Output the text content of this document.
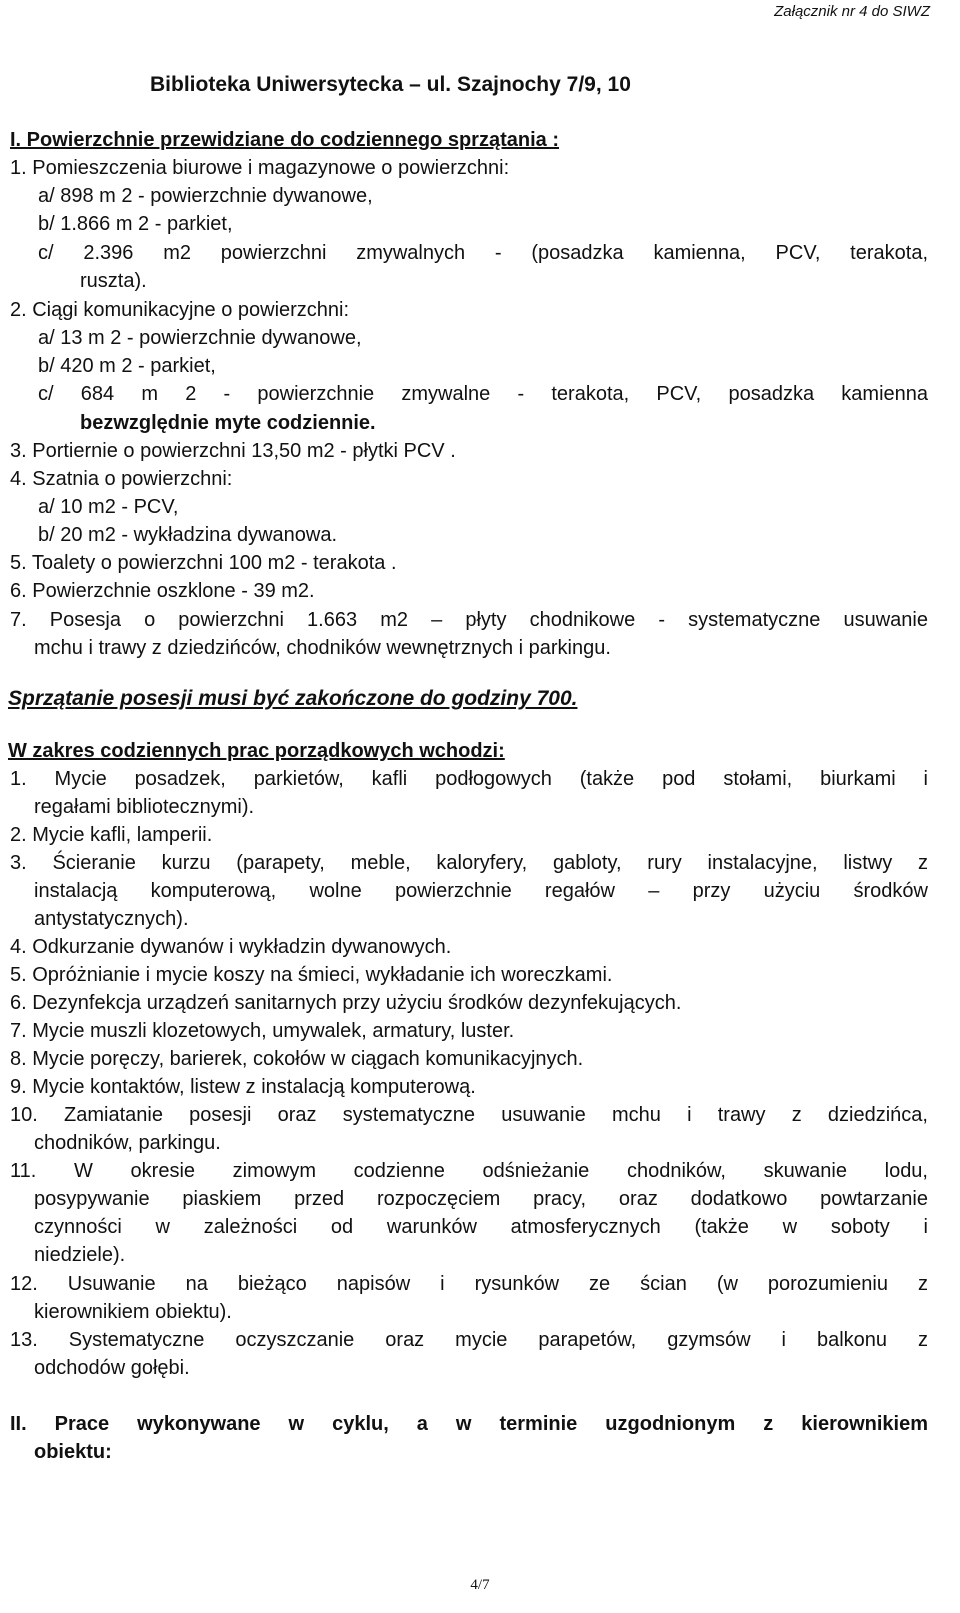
Załącznik nr 4 do SIWZ
Biblioteka Uniwersytecka – ul. Szajnochy 7/9, 10
I. Powierzchnie przewidziane do codziennego sprzątania :
1. Pomieszczenia biurowe i magazynowe o powierzchni:
a/ 898 m 2 - powierzchnie dywanowe,
b/ 1.866 m 2 - parkiet,
c/ 2.396 m2 powierzchni zmywalnych - (posadzka kamienna, PCV, terakota,
ruszta).
2. Ciągi komunikacyjne o powierzchni:
a/ 13 m 2 - powierzchnie dywanowe,
b/ 420 m 2 - parkiet,
c/ 684 m 2 - powierzchnie zmywalne - terakota, PCV, posadzka kamienna
bezwzględnie myte codziennie.
3. Portiernie o powierzchni 13,50 m2 - płytki PCV .
4. Szatnia o powierzchni:
a/ 10 m2 - PCV,
b/ 20 m2 - wykładzina dywanowa.
5. Toalety o powierzchni 100 m2 - terakota .
6. Powierzchnie oszklone - 39 m2.
7. Posesja o powierzchni 1.663 m2 – płyty chodnikowe - systematyczne usuwanie
mchu i trawy z dziedzińców, chodników wewnętrznych i parkingu.
Sprzątanie posesji musi być zakończone do godziny 700.
W zakres codziennych prac porządkowych wchodzi:
1. Mycie posadzek, parkietów, kafli podłogowych (także pod stołami, biurkami i
regałami bibliotecznymi).
2. Mycie kafli, lamperii.
3. Ścieranie kurzu (parapety, meble, kaloryfery, gabloty, rury instalacyjne, listwy z
instalacją komputerową, wolne powierzchnie regałów – przy użyciu środków
antystatycznych).
4. Odkurzanie dywanów i wykładzin dywanowych.
5. Opróżnianie i mycie koszy na śmieci, wykładanie ich woreczkami.
6. Dezynfekcja urządzeń sanitarnych przy użyciu środków dezynfekujących.
7. Mycie muszli klozetowych, umywalek, armatury, luster.
8. Mycie poręczy, barierek, cokołów w ciągach komunikacyjnych.
9. Mycie kontaktów, listew z instalacją komputerową.
10. Zamiatanie posesji oraz systematyczne usuwanie mchu i trawy z dziedzińca,
chodników, parkingu.
11. W okresie zimowym codzienne odśnieżanie chodników, skuwanie lodu,
posypywanie piaskiem przed rozpoczęciem pracy, oraz dodatkowo powtarzanie
czynności w zależności od warunków atmosferycznych (także w soboty i
niedziele).
12. Usuwanie na bieżąco napisów i rysunków ze ścian (w porozumieniu z
kierownikiem obiektu).
13. Systematyczne oczyszczanie oraz mycie parapetów, gzymsów i balkonu z
odchodów gołębi.
II. Prace wykonywane w cyklu, a w terminie uzgodnionym z kierownikiem
obiektu:
4/7
